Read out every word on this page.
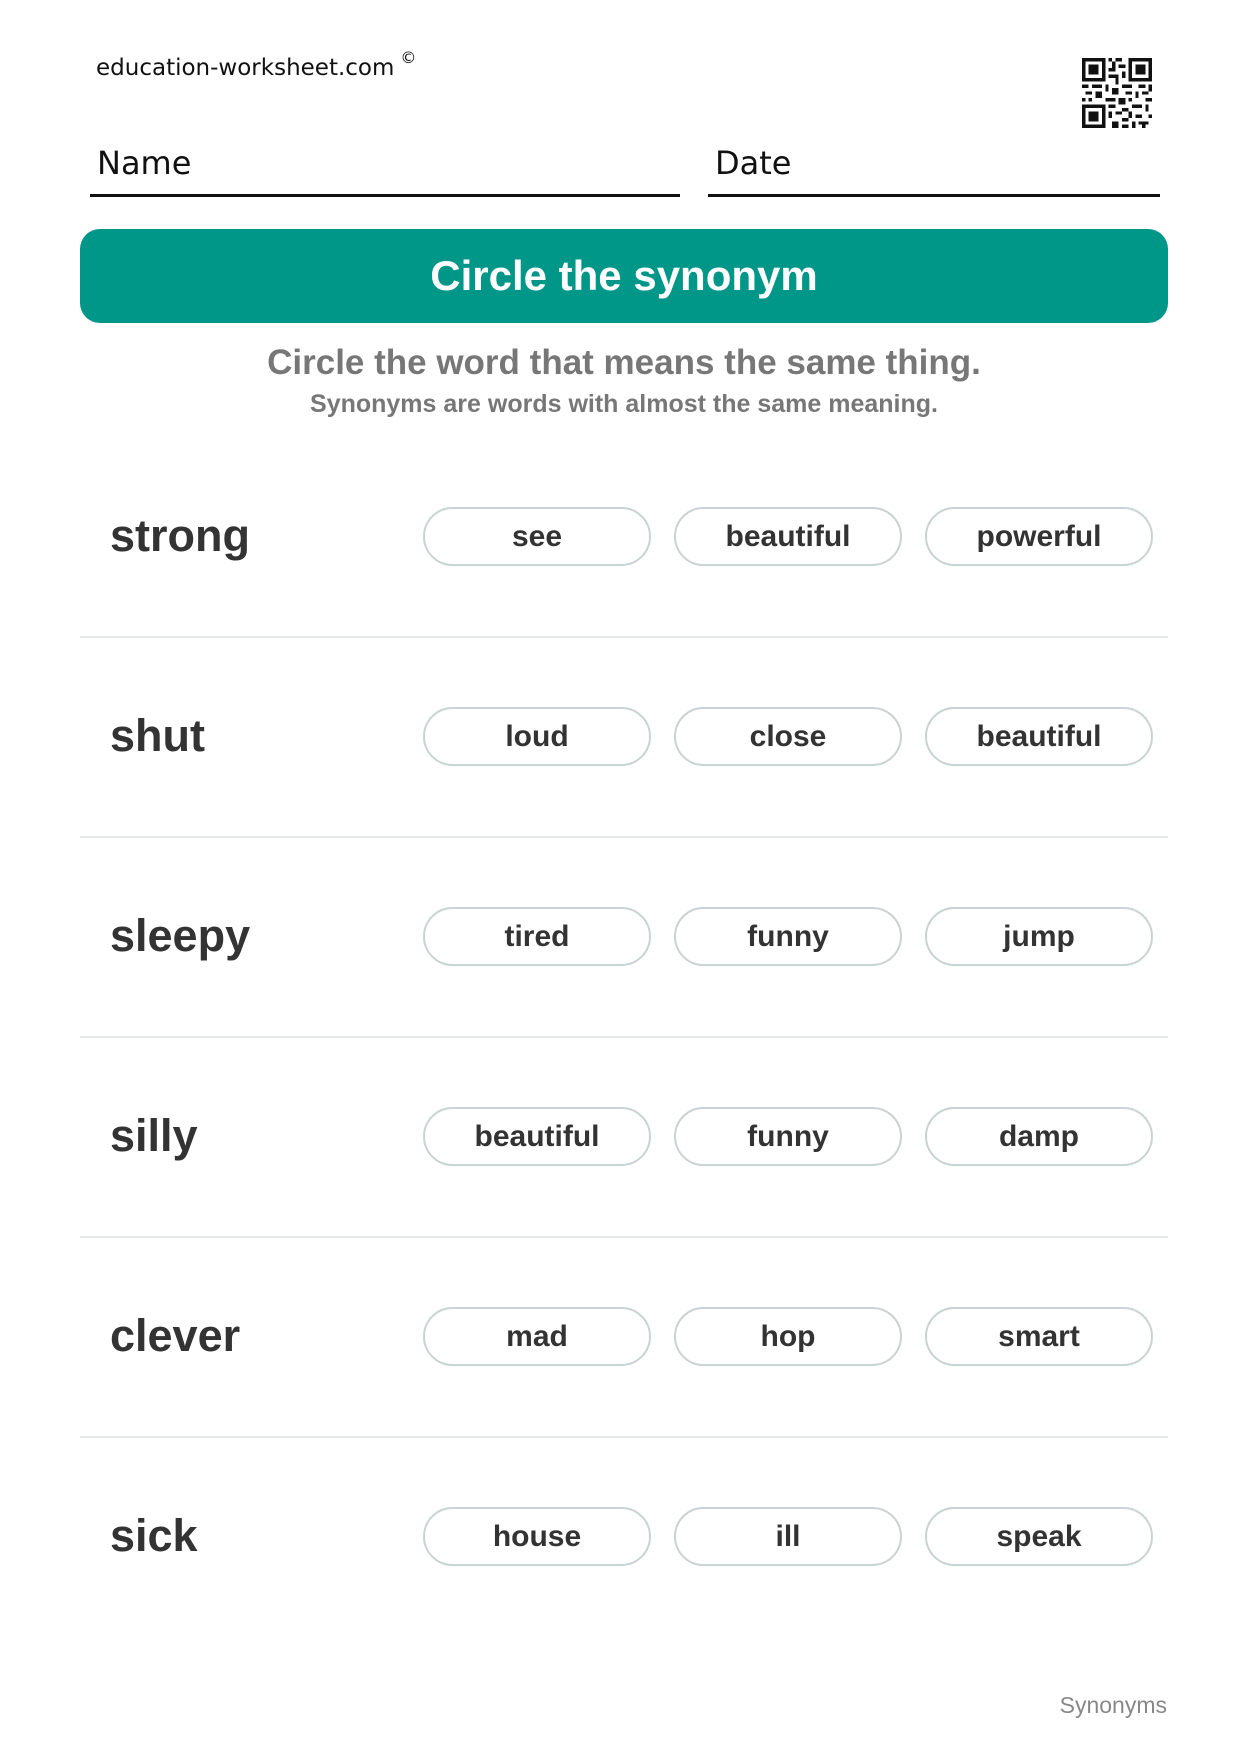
education-worksheet.com ©
Name	Date
Circle the synonym
Circle the word that means the same thing.
Synonyms are words with almost the same meaning.
strong	see	beautiful	powerful
shut	loud	close	beautiful
sleepy	tired	funny	jump
silly	beautiful	funny	damp
clever	mad	hop	smart
sick	house	ill	speak
Synonyms
